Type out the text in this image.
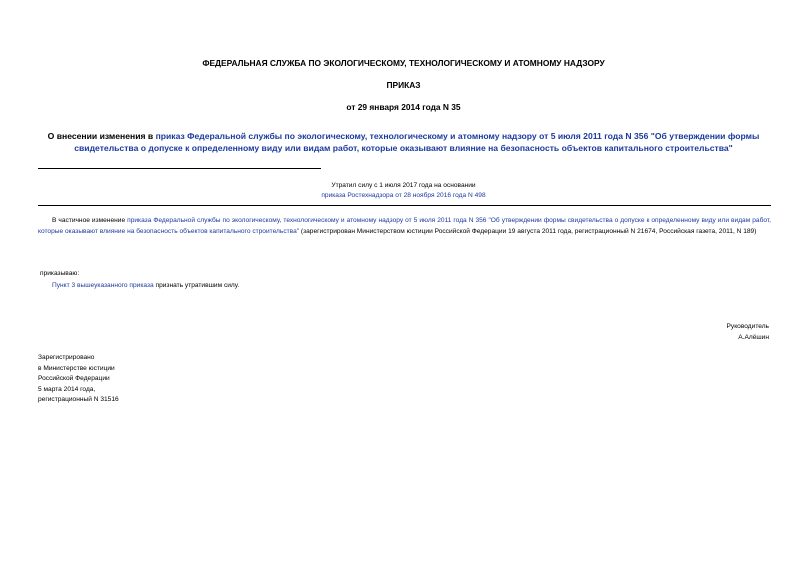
ФЕДЕРАЛЬНАЯ СЛУЖБА ПО ЭКОЛОГИЧЕСКОМУ, ТЕХНОЛОГИЧЕСКОМУ И АТОМНОМУ НАДЗОРУ
ПРИКАЗ
от 29 января 2014 года N 35
О внесении изменения в приказ Федеральной службы по экологическому, технологическому и атомному надзору от 5 июля 2011 года N 356 "Об утверждении формы свидетельства о допуске к определенному виду или видам работ, которые оказывают влияние на безопасность объектов капитального строительства"
Утратил силу с 1 июля 2017 года на основании
приказа Ростехнадзора от 28 ноября 2016 года N 498
В частичное изменение приказа Федеральной службы по экологическому, технологическому и атомному надзору от 5 июля 2011 года N 356 "Об утверждении формы свидетельства о допуске к определенному виду или видам работ, которые оказывают влияние на безопасность объектов капитального строительства" (зарегистрирован Министерством юстиции Российской Федерации 19 августа 2011 года, регистрационный N 21674, Российская газета, 2011, N 189)
приказываю:
Пункт 3 вышеуказанного приказа признать утратившим силу.
Руководитель
А.Алёшин
Зарегистрировано
в Министерстве юстиции
Российской Федерации
5 марта 2014 года,
регистрационный N 31516
